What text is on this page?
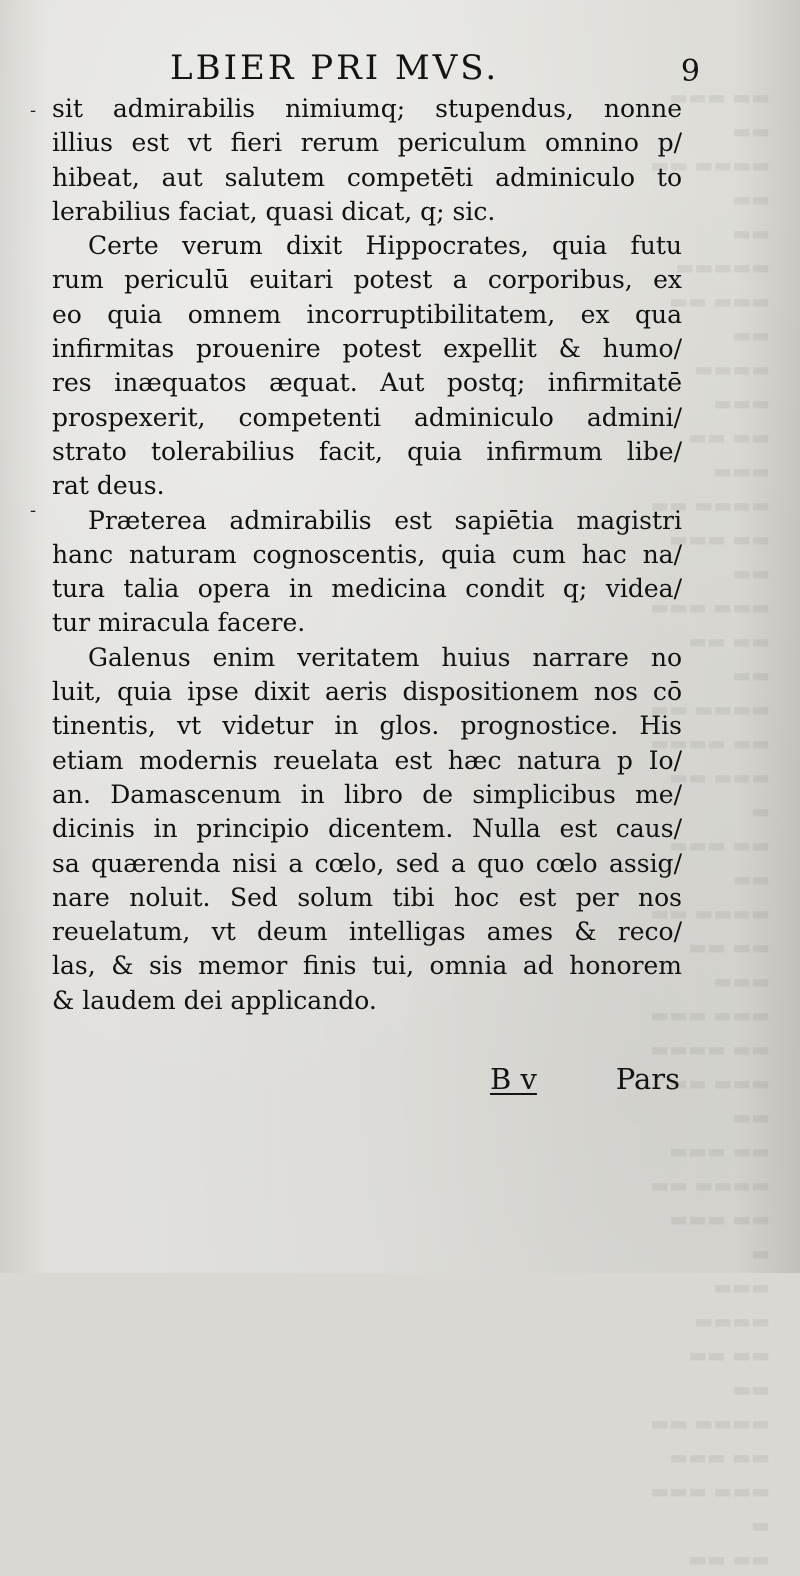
▬▬ ▬▬▬ ▬▬
▬▬▬▬ ▬▬ ▬▬
▬▬ ▬▬▬▬▬
▬▬▬ ▬▬ ▬▬
▬▬▬▬ ▬▬▬
▬▬ ▬▬ ▬▬▬
▬▬▬▬ ▬▬
▬▬ ▬▬▬ ▬▬
▬▬▬ ▬▬▬
▬▬ ▬▬ ▬▬
▬▬▬▬ ▬▬
▬▬ ▬▬▬▬
▬▬▬ ▬▬ ▬
▬▬ ▬▬▬ ▬▬
▬▬▬▬ ▬▬
▬▬ ▬▬ ▬▬▬
▬▬▬ ▬▬▬
▬▬ ▬▬▬▬
▬▬▬ ▬▬ ▬▬
▬▬ ▬▬▬
▬▬▬▬ ▬▬
▬▬ ▬▬▬ ▬
▬▬▬ ▬▬▬▬
▬▬ ▬▬ ▬▬
▬▬▬▬ ▬▬
▬▬ ▬▬▬
▬▬▬ ▬▬▬ ▬
▬▬ ▬▬
LBIER PRI MVS.	9
-
-
sit admirabilis nimiumq; stupendus, nonne
illius est vt fieri rerum periculum omnino p/
hibeat, aut salutem competēti adminiculo to
lerabilius faciat, quasi dicat, q; sic.
Certe verum dixit Hippocrates, quia futu
rum periculū euitari potest a corporibus, ex
eo quia omnem incorruptibilitatem, ex qua
infirmitas prouenire potest expellit & humo/
res inæquatos æquat. Aut postq; infirmitatē
prospexerit, competenti adminiculo admini/
strato tolerabilius facit, quia infirmum libe/
rat deus.
Præterea admirabilis est sapiētia magistri
hanc naturam cognoscentis, quia cum hac na/
tura talia opera in medicina condit q; videa/
tur miracula facere.
Galenus enim veritatem huius narrare no
luit, quia ipse dixit aeris dispositionem nos cō
tinentis, vt videtur in glos. prognostice. His
etiam modernis reuelata est hæc natura p Io/
an. Damascenum in libro de simplicibus me/
dicinis in principio dicentem. Nulla est caus/
sa quærenda nisi a cœlo, sed a quo cœlo assig/
nare noluit. Sed solum tibi hoc est per nos
reuelatum, vt deum intelligas ames & reco/
las, & sis memor finis tui, omnia ad honorem
& laudem dei applicando.
B v	Pars
